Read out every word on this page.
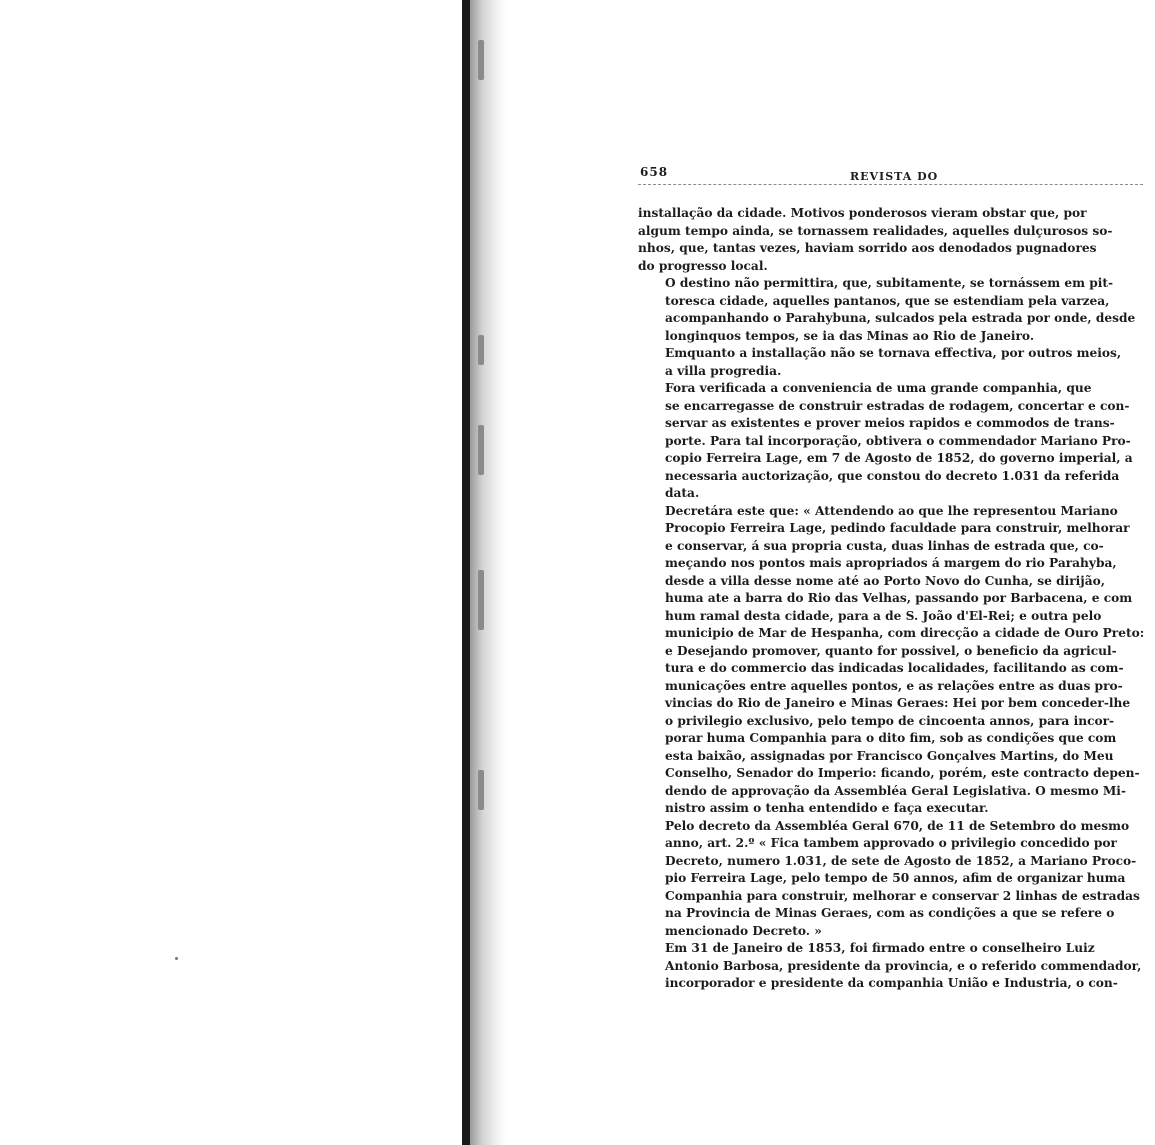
658	REVISTA DO

installação da cidade. Motivos ponderosos vieram obstar que, por
algum tempo ainda, se tornassem realidades, aquelles dulçurosos so-
nhos, que, tantas vezes, haviam sorrido aos denodados pugnadores
do progresso local.

O destino não permittira, que, subitamente, se tornássem em pit-
toresca cidade, aquelles pantanos, que se estendiam pela varzea,
acompanhando o Parahybuna, sulcados pela estrada por onde, desde
longinquos tempos, se ia das Minas ao Rio de Janeiro.

Emquanto a installação não se tornava effectiva, por outros meios,
a villa progredia.

Fora verificada a conveniencia de uma grande companhia, que
se encarregasse de construir estradas de rodagem, concertar e con-
servar as existentes e prover meios rapidos e commodos de trans-
porte. Para tal incorporação, obtivera o commendador Mariano Pro-
copio Ferreira Lage, em 7 de Agosto de 1852, do governo imperial, a
necessaria auctorização, que constou do decreto 1.031 da referida
data.

Decretára este que: « Attendendo ao que lhe representou Mariano
Procopio Ferreira Lage, pedindo faculdade para construir, melhorar
e conservar, á sua propria custa, duas linhas de estrada que, co-
meçando nos pontos mais apropriados á margem do rio Parahyba,
desde a villa desse nome até ao Porto Novo do Cunha, se dirijão,
huma ate a barra do Rio das Velhas, passando por Barbacena, e com
hum ramal desta cidade, para a de S. João d'El-Rei; e outra pelo
municipio de Mar de Hespanha, com direcção a cidade de Ouro Preto:
e Desejando promover, quanto for possivel, o beneficio da agricul-
tura e do commercio das indicadas localidades, facilitando as com-
municações entre aquelles pontos, e as relações entre as duas pro-
vincias do Rio de Janeiro e Minas Geraes: Hei por bem conceder-lhe
o privilegio exclusivo, pelo tempo de cincoenta annos, para incor-
porar huma Companhia para o dito fim, sob as condições que com
esta baixão, assignadas por Francisco Gonçalves Martins, do Meu
Conselho, Senador do Imperio: ficando, porém, este contracto depen-
dendo de approvação da Assembléa Geral Legislativa. O mesmo Mi-
nistro assim o tenha entendido e faça executar.

Pelo decreto da Assembléa Geral 670, de 11 de Setembro do mesmo
anno, art. 2.º « Fica tambem approvado o privilegio concedido por
Decreto, numero 1.031, de sete de Agosto de 1852, a Mariano Proco-
pio Ferreira Lage, pelo tempo de 50 annos, afim de organizar huma
Companhia para construir, melhorar e conservar 2 linhas de estradas
na Provincia de Minas Geraes, com as condições a que se refere o
mencionado Decreto. »

Em 31 de Janeiro de 1853, foi firmado entre o conselheiro Luiz
Antonio Barbosa, presidente da provincia, e o referido commendador,
incorporador e presidente da companhia União e Industria, o con-
